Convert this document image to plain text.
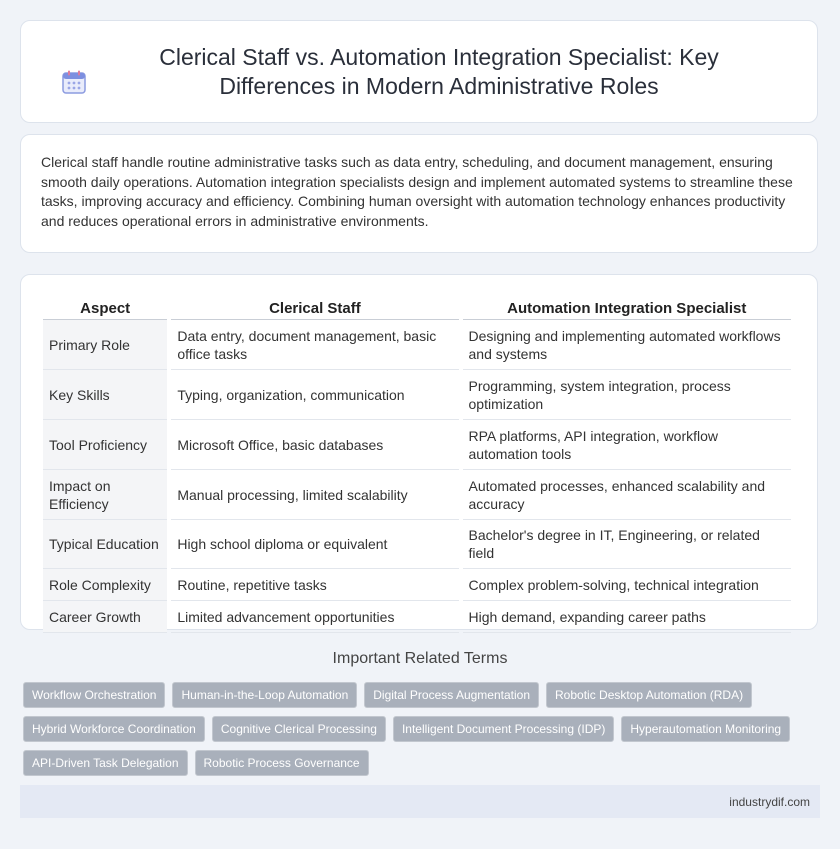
Clerical Staff vs. Automation Integration Specialist: Key Differences in Modern Administrative Roles

Clerical staff handle routine administrative tasks such as data entry, scheduling, and document management, ensuring smooth daily operations. Automation integration specialists design and implement automated systems to streamline these tasks, improving accuracy and efficiency. Combining human oversight with automation technology enhances productivity and reduces operational errors in administrative environments.

Aspect	Clerical Staff	Automation Integration Specialist
Primary Role	Data entry, document management, basic office tasks	Designing and implementing automated workflows and systems
Key Skills	Typing, organization, communication	Programming, system integration, process optimization
Tool Proficiency	Microsoft Office, basic databases	RPA platforms, API integration, workflow automation tools
Impact on Efficiency	Manual processing, limited scalability	Automated processes, enhanced scalability and accuracy
Typical Education	High school diploma or equivalent	Bachelor's degree in IT, Engineering, or related field
Role Complexity	Routine, repetitive tasks	Complex problem-solving, technical integration
Career Growth	Limited advancement opportunities	High demand, expanding career paths
Important Related Terms
Workflow Orchestration	Human-in-the-Loop Automation	Digital Process Augmentation	Robotic Desktop Automation (RDA)
Hybrid Workforce Coordination	Cognitive Clerical Processing	Intelligent Document Processing (IDP)	Hyperautomation Monitoring
API-Driven Task Delegation	Robotic Process Governance
industrydif.com
